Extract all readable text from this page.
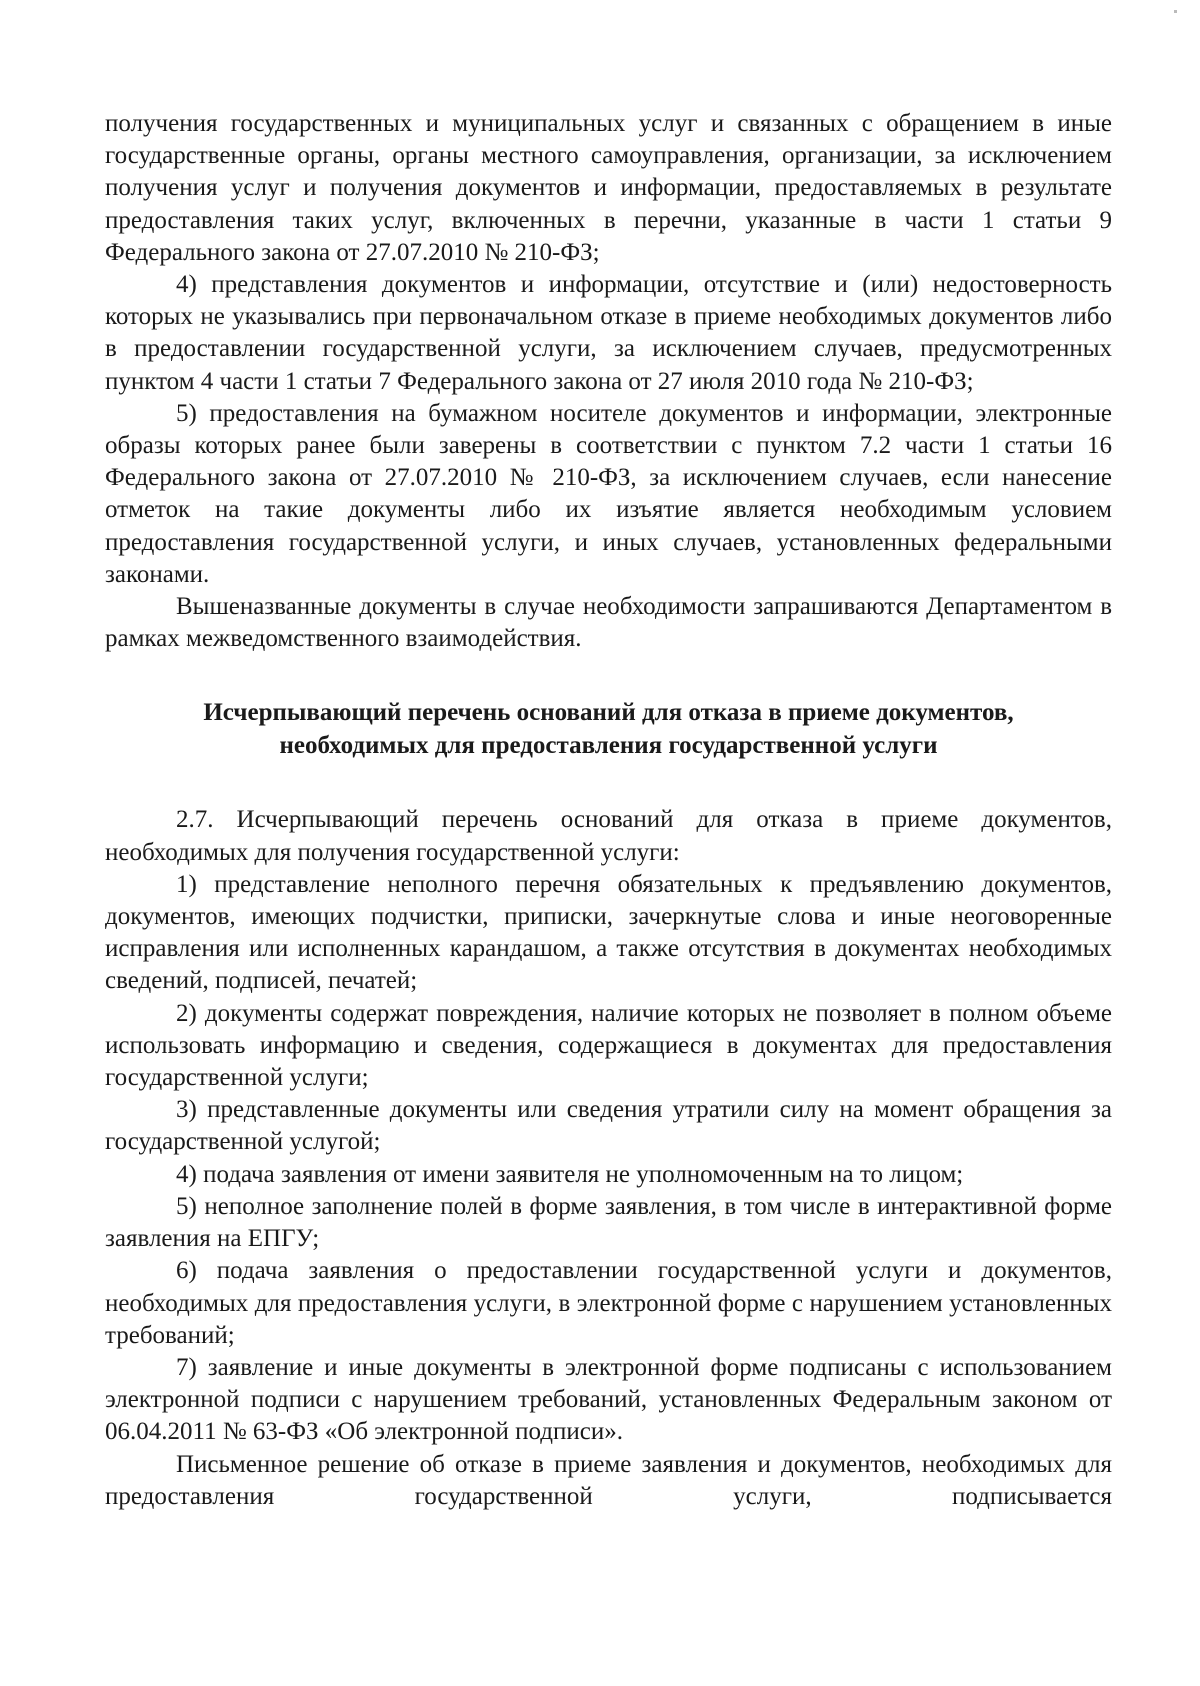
получения государственных и муниципальных услуг и связанных с обращением в иные государственные органы, органы местного самоуправления, организации, за исключением получения услуг и получения документов и информации, предоставляемых в результате предоставления таких услуг, включенных в перечни, указанные в части 1 статьи 9 Федерального закона от 27.07.2010 № 210-ФЗ;

4) представления документов и информации, отсутствие и (или) недостоверность которых не указывались при первоначальном отказе в приеме необходимых документов либо в предоставлении государственной услуги, за исключением случаев, предусмотренных пунктом 4 части 1 статьи 7 Федерального закона от 27 июля 2010 года № 210-ФЗ;

5) предоставления на бумажном носителе документов и информации, электронные образы которых ранее были заверены в соответствии с пунктом 7.2 части 1 статьи 16 Федерального закона от 27.07.2010 № 210-ФЗ, за исключением случаев, если нанесение отметок на такие документы либо их изъятие является необходимым условием предоставления государственной услуги, и иных случаев, установленных федеральными законами.

Вышеназванные документы в случае необходимости запрашиваются Департаментом в рамках межведомственного взаимодействия.

Исчерпывающий перечень оснований для отказа в приеме документов,

необходимых для предоставления государственной услуги

2.7. Исчерпывающий перечень оснований для отказа в приеме документов, необходимых для получения государственной услуги:

1) представление неполного перечня обязательных к предъявлению документов, документов, имеющих подчистки, приписки, зачеркнутые слова и иные неоговоренные исправления или исполненных карандашом, а также отсутствия в документах необходимых сведений, подписей, печатей;

2) документы содержат повреждения, наличие которых не позволяет в полном объеме использовать информацию и сведения, содержащиеся в документах для предоставления государственной услуги;

3) представленные документы или сведения утратили силу на момент обращения за государственной услугой;

4) подача заявления от имени заявителя не уполномоченным на то лицом;

5) неполное заполнение полей в форме заявления, в том числе в интерактивной форме заявления на ЕПГУ;

6) подача заявления о предоставлении государственной услуги и документов, необходимых для предоставления услуги, в электронной форме с нарушением установленных требований;

7) заявление и иные документы в электронной форме подписаны с использованием электронной подписи с нарушением требований, установленных Федеральным законом от 06.04.2011 № 63-ФЗ «Об электронной подписи».

Письменное решение об отказе в приеме заявления и документов, необходимых для предоставления государственной услуги, подписывается
